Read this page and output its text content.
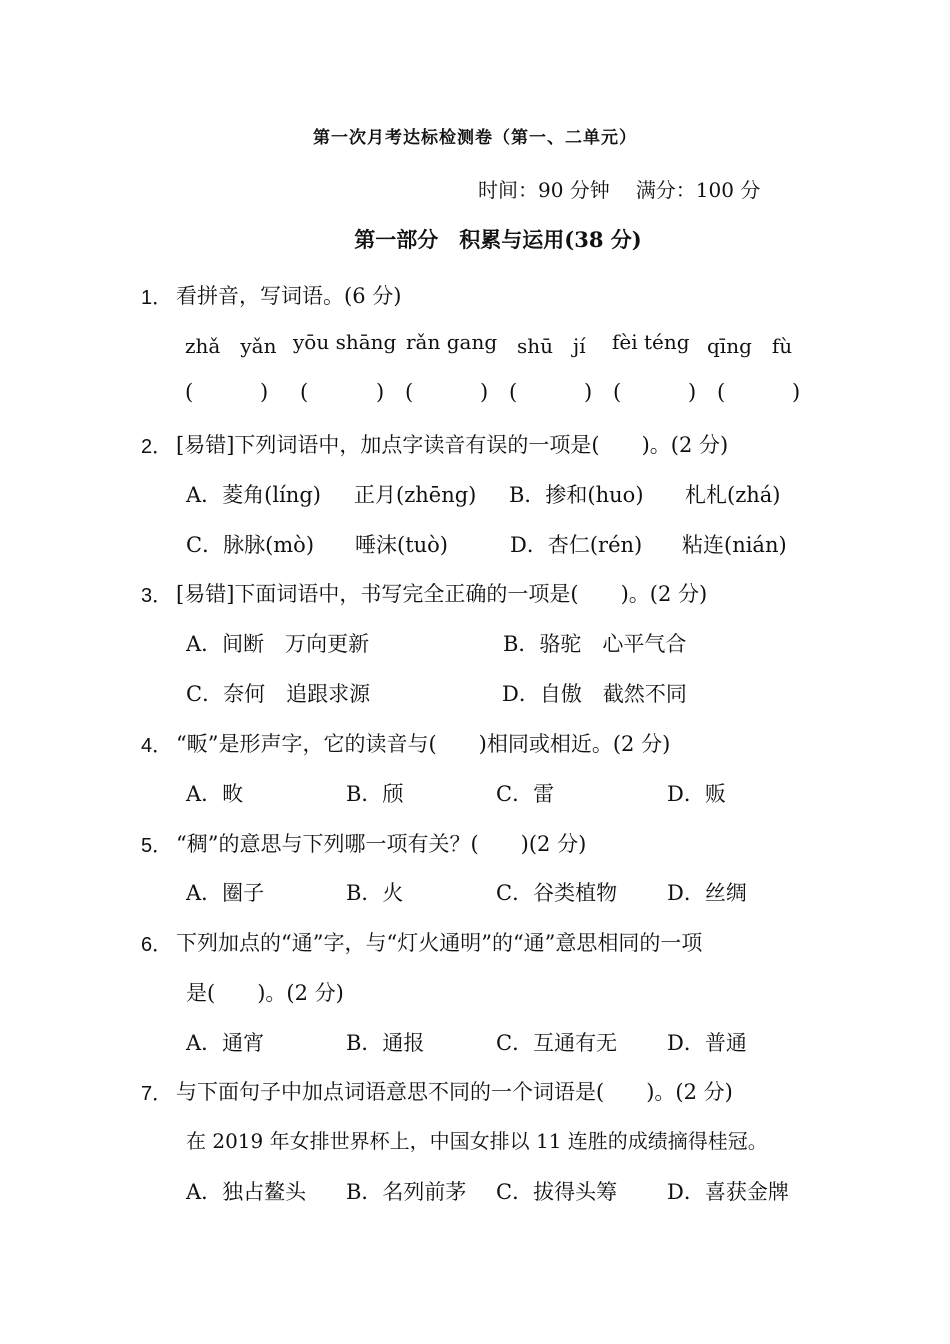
第一次月考达标检测卷（第一、二单元）
时间：90 分钟 满分：100 分
第一部分　积累与运用(38 分)
1． 看拼音，写词语。(6 分)
zhǎ　yǎn yōu shāng rǎn gang shū　jí fèi téng qīng　fù
(	) (	) (	) (	) (	) (	)
2． [易错]下列词语中，加点字读音有误的一项是(　　)。(2 分)
A．菱角(líng) 正月(zhēng) B．掺和(huo) 札札(zhá)
C．脉脉(mò) 唾沫(tuò)	D．杏仁(rén) 粘连(nián)
3． [易错]下面词语中，书写完全正确的一项是(　　)。(2 分)
A．间断　万向更新	B．骆驼　心平气合
C．奈何　追跟求源	D．自傲　截然不同
4． “畈”是形声字，它的读音与(　　)相同或相近。(2 分)
A．畋	B．颀	C．雷	D．贩
5． “稠”的意思与下列哪一项有关？(　　)(2 分)
A．圈子	B．火	C．谷类植物 D．丝绸
6． 下列加点的“通”字，与“灯火通明”的“通”意思相同的一项
是(　　)。(2 分)
A．通宵	B．通报	C．互通有无 D．普通
7． 与下面句子中加点词语意思不同的一个词语是(　　)。(2 分)
在 2019 年女排世界杯上，中国女排以 11 连胜的成绩摘得桂冠。
A．独占鳌头 B．名列前茅 C．拔得头筹 D．喜获金牌
